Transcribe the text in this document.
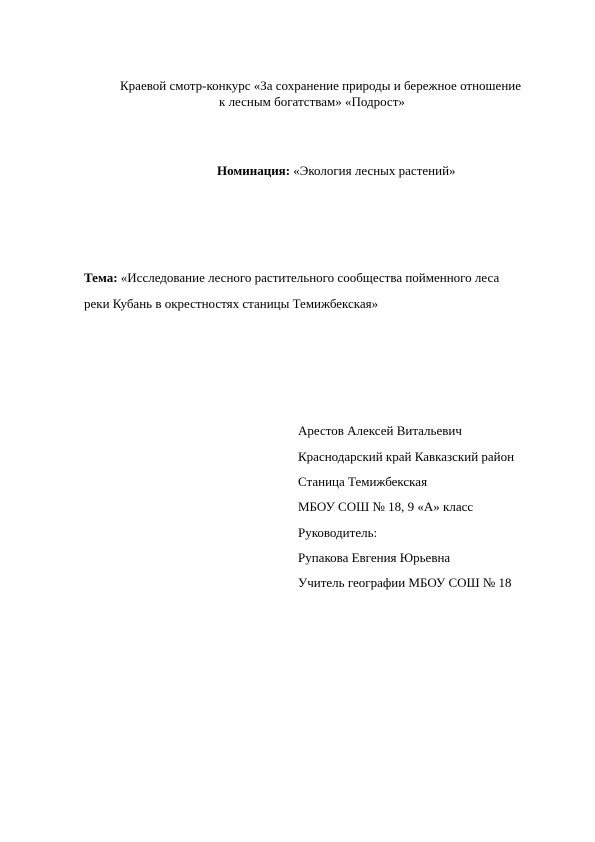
Краевой смотр-конкурс «За сохранение природы и бережное отношение
к лесным богатствам» «Подрост»
Номинация: «Экология лесных растений»
Тема: «Исследование лесного растительного сообщества пойменного леса
реки Кубань в окрестностях станицы Темижбекская»
Арестов Алексей Витальевич
Краснодарский край Кавказский район
Станица Темижбекская
МБОУ СОШ № 18, 9 «А» класс
Руководитель:
Рупакова Евгения Юрьевна
Учитель географии МБОУ СОШ № 18
